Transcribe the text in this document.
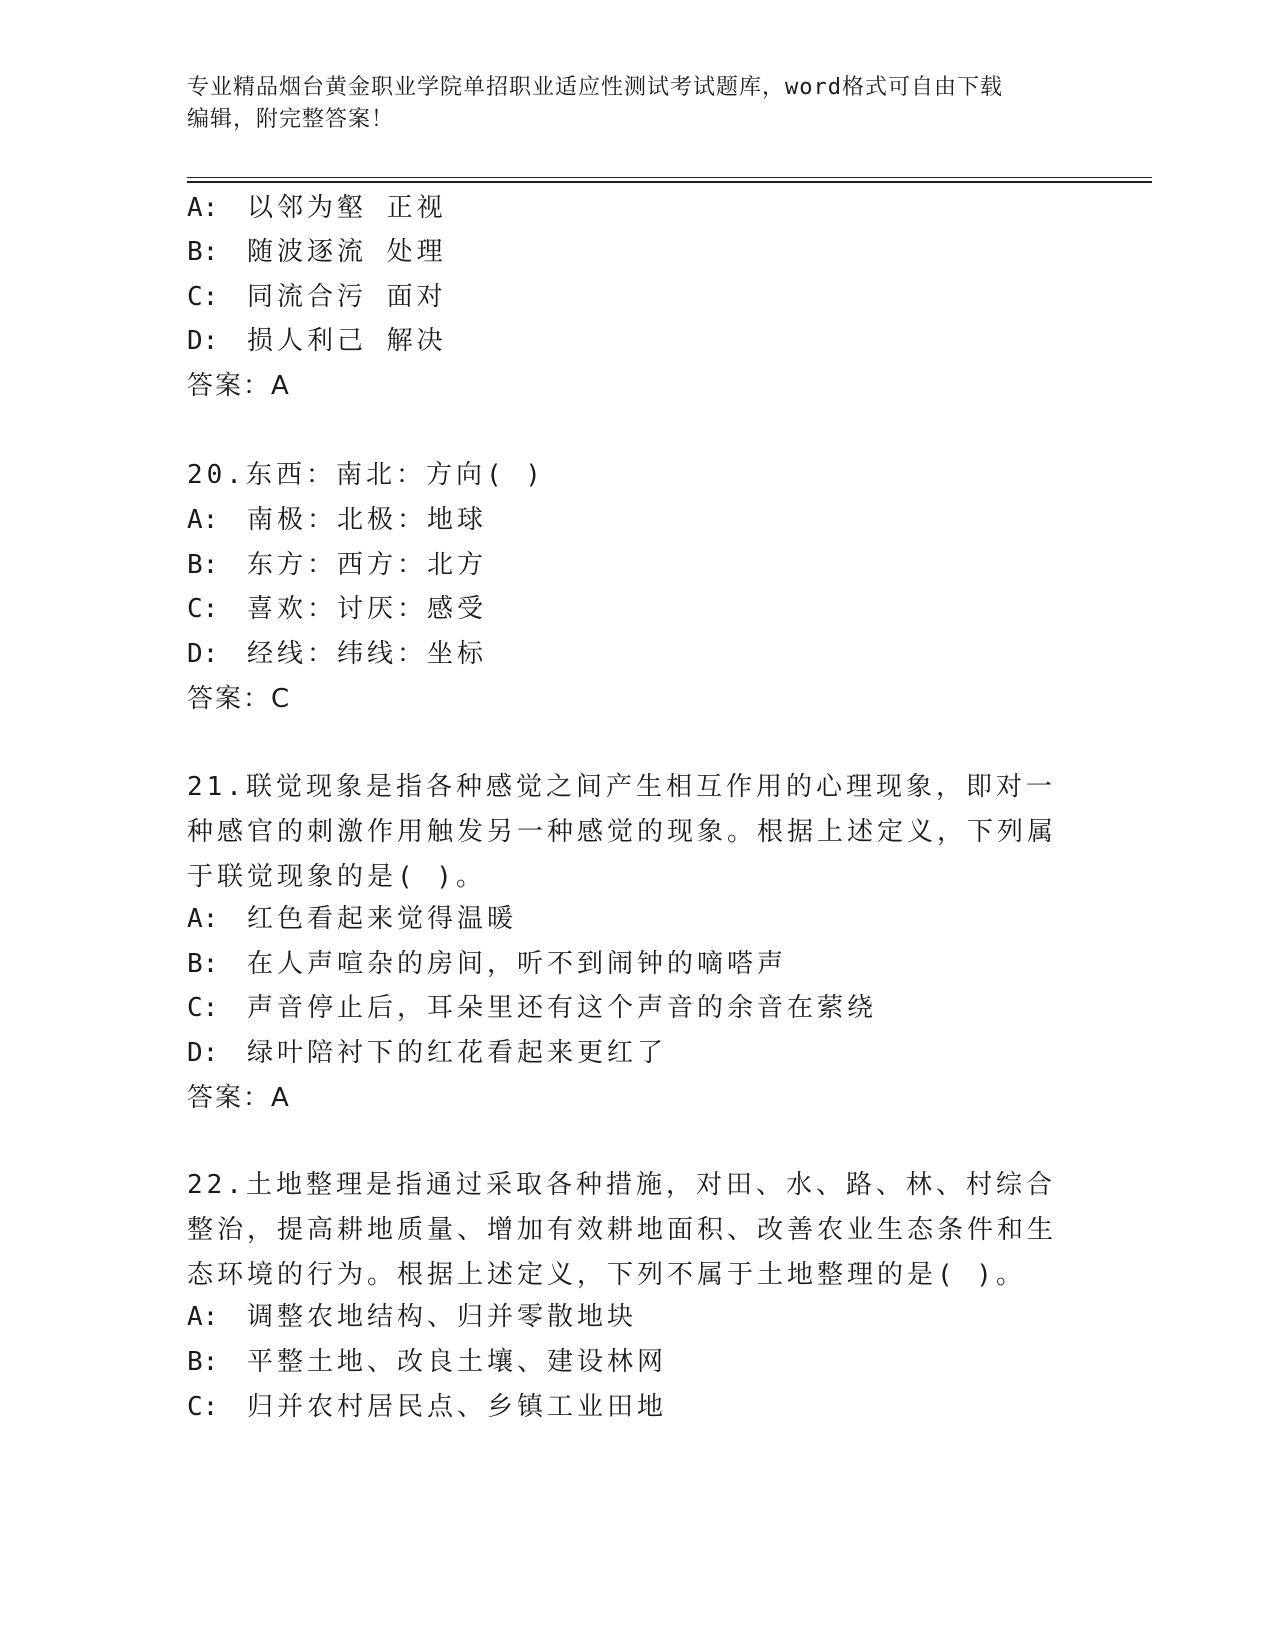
专业精品烟台黄金职业学院单招职业适应性测试考试题库，word格式可自由下载
编辑，附完整答案！
A: 以邻为壑 正视
B: 随波逐流 处理
C: 同流合污 面对
D: 损人利己 解决
答案：A
20.东西：南北：方向( )
A: 南极：北极：地球
B: 东方：西方：北方
C: 喜欢：讨厌：感受
D: 经线：纬线：坐标
答案：C
21.联觉现象是指各种感觉之间产生相互作用的心理现象，即对一种感官的刺激作用触发另一种感觉的现象。根据上述定义，下列属于联觉现象的是( )。
A: 红色看起来觉得温暖
B: 在人声喧杂的房间，听不到闹钟的嘀嗒声
C: 声音停止后，耳朵里还有这个声音的余音在萦绕
D: 绿叶陪衬下的红花看起来更红了
答案：A
22.土地整理是指通过采取各种措施，对田、水、路、林、村综合整治，提高耕地质量、增加有效耕地面积、改善农业生态条件和生态环境的行为。根据上述定义，下列不属于土地整理的是( )。
A: 调整农地结构、归并零散地块
B: 平整土地、改良土壤、建设林网
C: 归并农村居民点、乡镇工业田地
